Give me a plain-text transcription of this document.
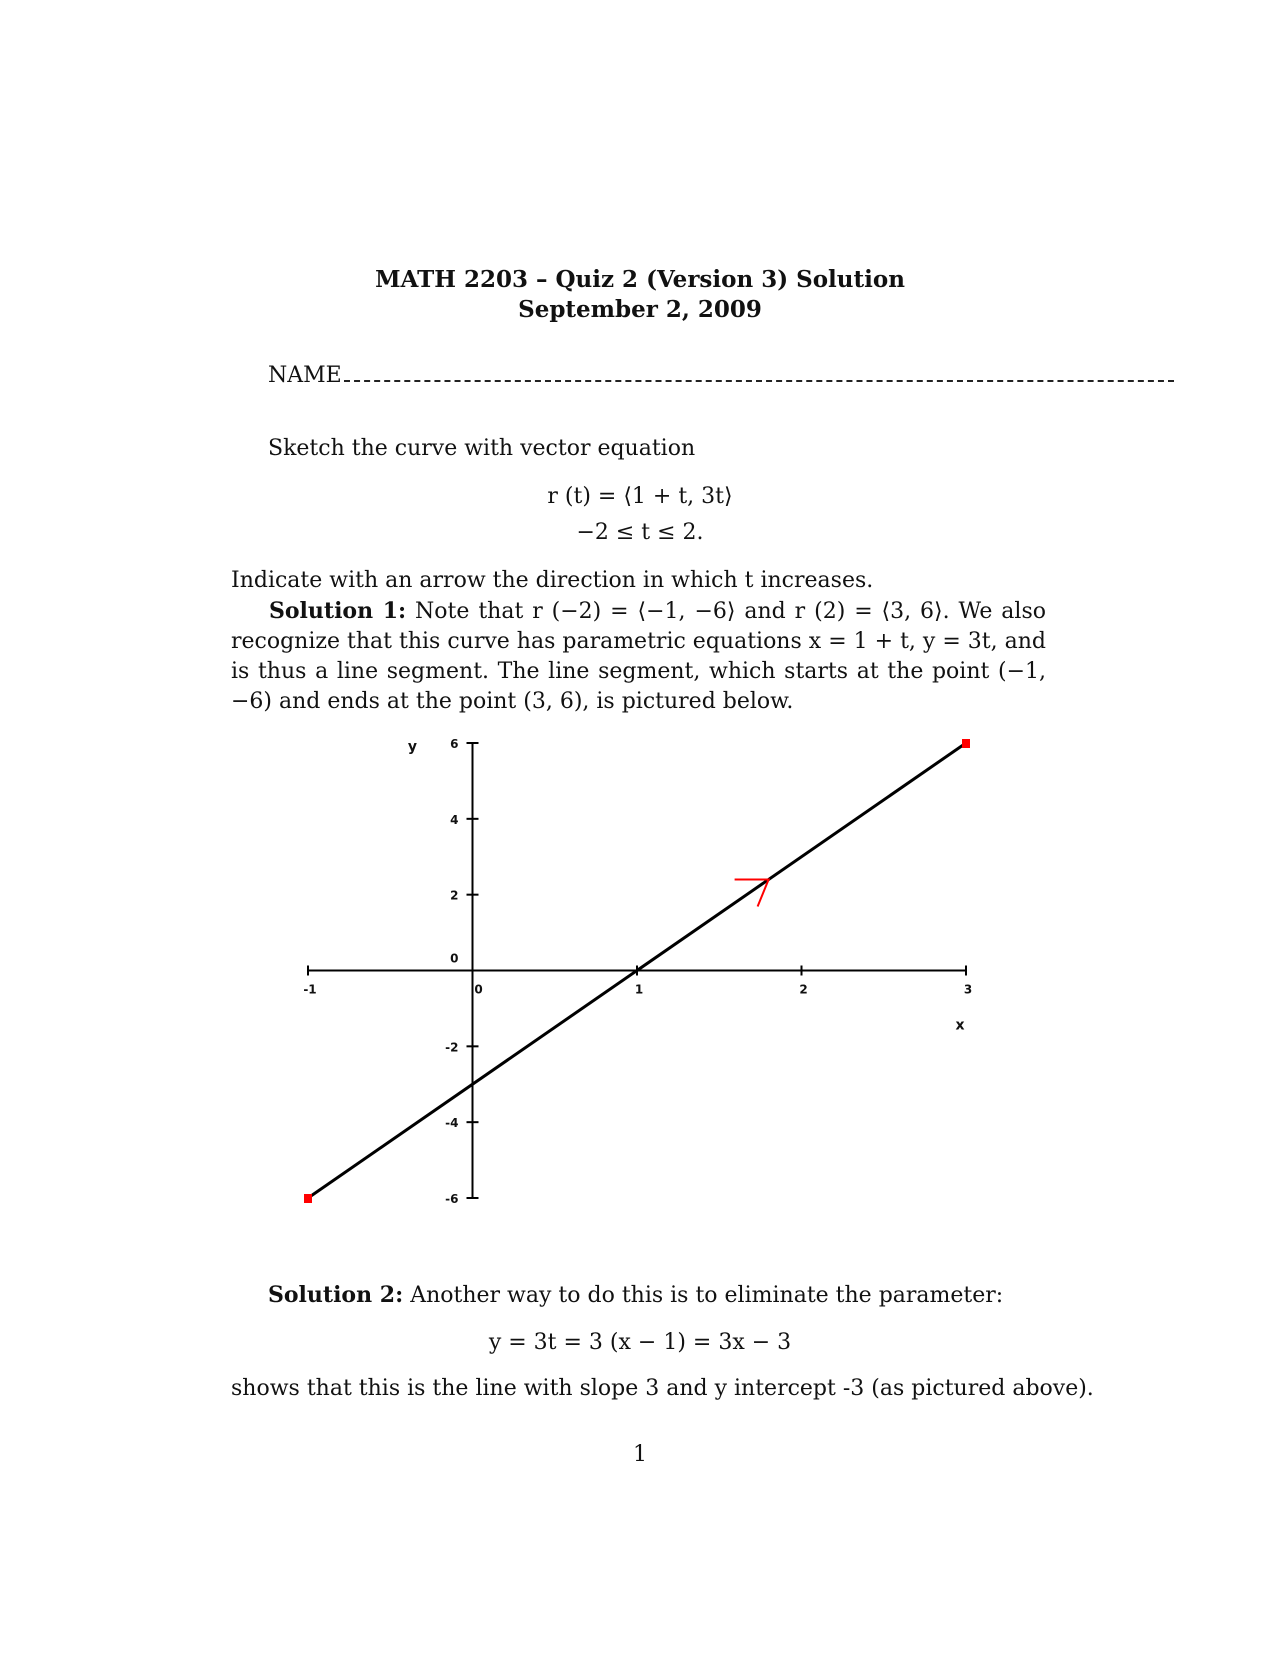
MATH 2203 – Quiz 2 (Version 3) Solution
September 2, 2009
NAME
Sketch the curve with vector equation
r (t) = ⟨1 + t, 3t⟩
−2 ≤ t ≤ 2.
Indicate with an arrow the direction in which t increases.
Solution 1: Note that r (−2) = ⟨−1, −6⟩ and r (2) = ⟨3, 6⟩. We also recognize that this curve has parametric equations x = 1 + t, y = 3t, and is thus a line segment. The line segment, which starts at the point (−1, −6) and ends at the point (3, 6), is pictured below.
-1	0	1	2	3
6
4
2
0
-2
-4
-6
x
y
Solution 2: Another way to do this is to eliminate the parameter:
y = 3t = 3 (x − 1) = 3x − 3
shows that this is the line with slope 3 and y intercept -3 (as pictured above).
1
